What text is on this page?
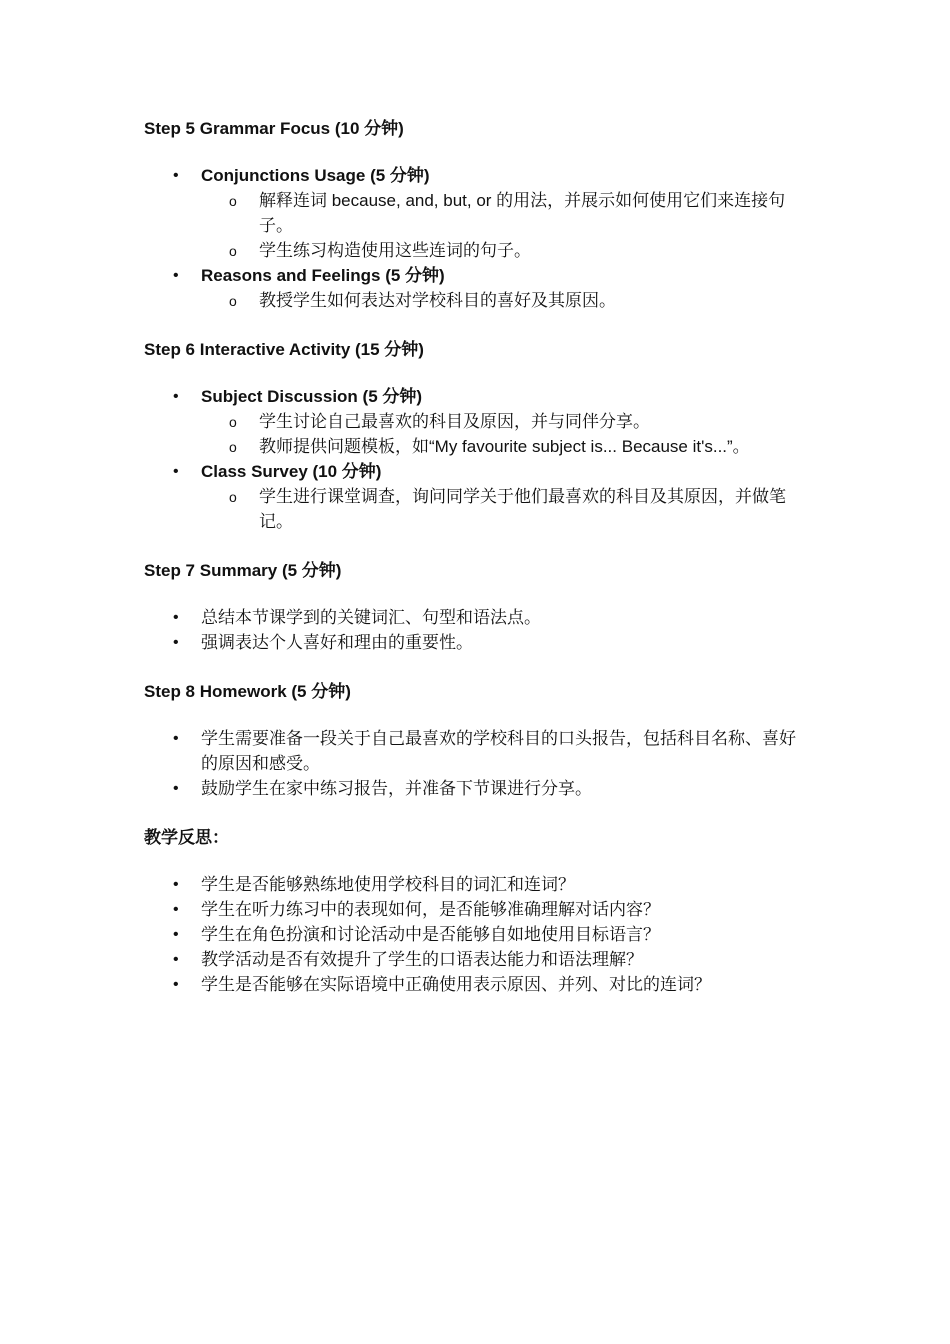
Step 5 Grammar Focus (10 分钟)
• Conjunctions Usage (5 分钟)
o 解释连词 because, and, but, or 的用法，并展示如何使用它们来连接句子。
o 学生练习构造使用这些连词的句子。
• Reasons and Feelings (5 分钟)
o 教授学生如何表达对学校科目的喜好及其原因。
Step 6 Interactive Activity (15 分钟)
• Subject Discussion (5 分钟)
o 学生讨论自己最喜欢的科目及原因，并与同伴分享。
o 教师提供问题模板，如“My favourite subject is... Because it's...”。
• Class Survey (10 分钟)
o 学生进行课堂调查，询问同学关于他们最喜欢的科目及其原因，并做笔记。
Step 7 Summary (5 分钟)
• 总结本节课学到的关键词汇、句型和语法点。
• 强调表达个人喜好和理由的重要性。
Step 8 Homework (5 分钟)
• 学生需要准备一段关于自己最喜欢的学校科目的口头报告，包括科目名称、喜好的原因和感受。
• 鼓励学生在家中练习报告，并准备下节课进行分享。
教学反思：
• 学生是否能够熟练地使用学校科目的词汇和连词？
• 学生在听力练习中的表现如何，是否能够准确理解对话内容？
• 学生在角色扮演和讨论活动中是否能够自如地使用目标语言？
• 教学活动是否有效提升了学生的口语表达能力和语法理解？
• 学生是否能够在实际语境中正确使用表示原因、并列、对比的连词？
